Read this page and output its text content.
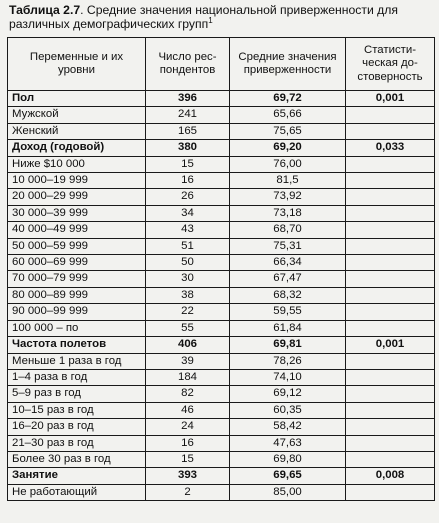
Таблица 2.7. Средние значения национальной приверженности для различных демографических групп$^1$
Переменные и их уровни	Число рес-пондентов	Средние значения приверженности	Статисти-ческая до-стоверность
Пол	396	69,72	0,001
Мужской	241	65,66	
Женский	165	75,65	
Доход (годовой)	380	69,20	0,033
Ниже $10 000	15	76,00	
10 000–19 999	16	81,5	
20 000–29 999	26	73,92	
30 000–39 999	34	73,18	
40 000–49 999	43	68,70	
50 000–59 999	51	75,31	
60 000–69 999	50	66,34	
70 000–79 999	30	67,47	
80 000–89 999	38	68,32	
90 000–99 999	22	59,55	
100 000 – по	55	61,84	
Частота полетов	406	69,81	0,001
Меньше 1 раза в год	39	78,26	
1–4 раза в год	184	74,10	
5–9 раз в год	82	69,12	
10–15 раз в год	46	60,35	
16–20 раз в год	24	58,42	
21–30 раз в год	16	47,63	
Более 30 раз в год	15	69,80	
Занятие	393	69,65	0,008
Не работающий	2	85,00	
